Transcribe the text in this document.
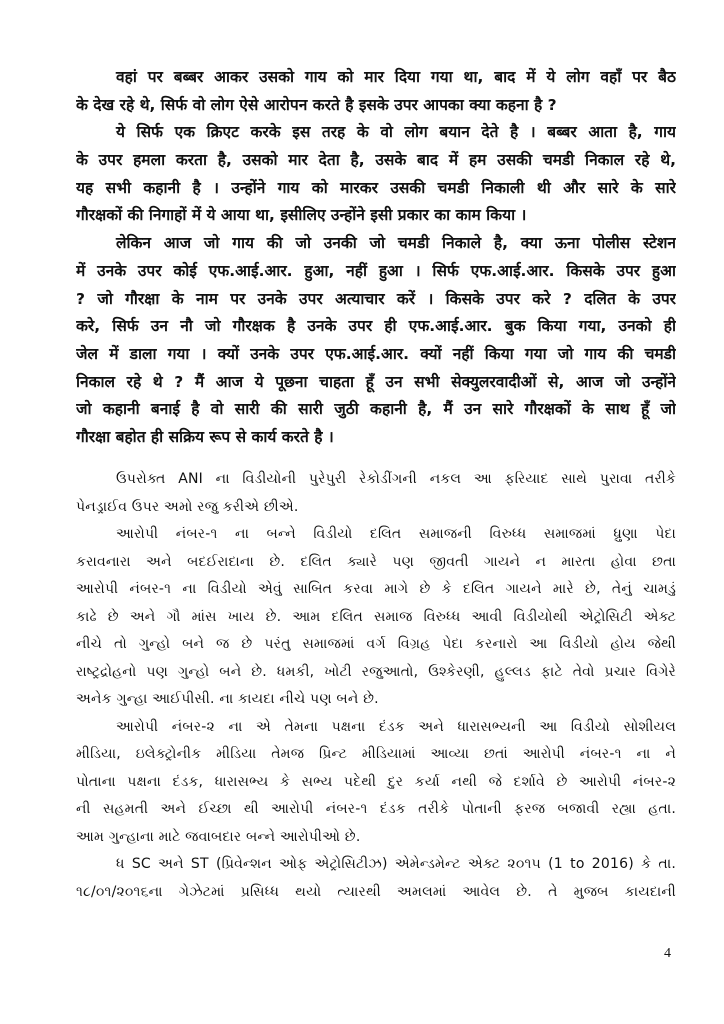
वहां पर बब्बर आकर उसको गाय को मार दिया गया था, बाद में ये लोग वहाँ पर बैठ
के देख रहे थे, सिर्फ वो लोग ऐसे आरोपन करते है इसके उपर आपका क्या कहना है ?
ये सिर्फ एक क्रिएट करके इस तरह के वो लोग बयान देते है । बब्बर आता है, गाय
के उपर हमला करता है, उसको मार देता है, उसके बाद में हम उसकी चमडी निकाल रहे थे,
यह सभी कहानी है । उन्होंने गाय को मारकर उसकी चमडी निकाली थी और सारे के सारे
गौरक्षकों की निगाहों में ये आया था, इसीलिए उन्होंने इसी प्रकार का काम किया ।
लेकिन आज जो गाय की जो उनकी जो चमडी निकाले है, क्या ऊना पोलीस स्टेशन
में उनके उपर कोई एफ.आई.आर. हुआ, नहीं हुआ । सिर्फ एफ.आई.आर. किसके उपर हुआ
? जो गौरक्षा के नाम पर उनके उपर अत्याचार करें । किसके उपर करे ? दलित के उपर
करे, सिर्फ उन नौ जो गौरक्षक है उनके उपर ही एफ.आई.आर. बुक किया गया, उनको ही
जेल में डाला गया । क्यों उनके उपर एफ.आई.आर. क्यों नहीं किया गया जो गाय की चमडी
निकाल रहे थे ? मैं आज ये पूछना चाहता हूँ उन सभी सेक्युलरवादीओं से, आज जो उन्होंने
जो कहानी बनाई है वो सारी की सारी जुठी कहानी है, मैं उन सारे गौरक्षकों के साथ हूँ जो
गौरक्षा बहोत ही सक्रिय रूप से कार्य करते है ।
ઉપરોક્ત ANI ના વિડીયોની પુરેપુરી રેકોડીંગની નકલ આ ફરિયાદ સાથે પુરાવા તરીકે
પેનડ્રાઈવ ઉપર અમો રજુ કરીએ છીએ.
આરોપી નંબર-૧ ના બન્ને વિડીયો દલિત સમાજની વિરુધ્ધ સમાજમાં ધ્રુણા પેદા
કરાવનારા અને બદઈરાદાના છે. દલિત ક્યારે પણ જીવતી ગાયને ન મારતા હોવા છતા
આરોપી નંબર-૧ ના વિડીયો એવું સાબિત કરવા માગે છે કે દલિત ગાયને મારે છે, તેનું ચામડું
કાઢે છે અને ગૌ માંસ ખાય છે. આમ દલિત સમાજ વિરુધ્ધ આવી વિડીયોથી એટ્રોસિટી એક્ટ
નીચે તો ગુન્હો બને જ છે પરંતુ સમાજમાં વર્ગ વિગ્રહ પેદા કરનારો આ વિડીયો હોય જેથી
રાષ્ટ્રદ્રોહનો પણ ગુન્હો બને છે. ધમકી, ખોટી રજુઆતો, ઉશ્કેરણી, હુલ્લડ ફાટે તેવો પ્રચાર વિગેરે
અનેક ગુન્હા આઈપીસી. ના કાયદા નીચે પણ બને છે.
આરોપી નંબર-૨ ના એ તેમના પક્ષના દંડક અને ધારાસભ્યની આ વિડીયો સોશીયલ
મીડિયા, ઇલેક્ટ્રોનીક મીડિયા તેમજ પ્રિન્ટ મીડિયામાં આવ્યા છતાં આરોપી નંબર-૧ ના ને
પોતાના પક્ષના દંડક, ધારાસભ્ય કે સભ્ય પદેથી દુર કર્યા નથી જે દર્શાવે છે આરોપી નંબર-૨
ની સહમતી અને ઈચ્છા થી આરોપી નંબર-૧ દંડક તરીકે પોતાની ફરજ બજાવી રહ્યા હતા.
આમ ગુન્હાના માટે જવાબદાર બન્ને આરોપીઓ છે.
ધ SC અને ST (પ્રિવેન્શન ઓફ એટ્રોસિટીઝ) એમેન્ડમેન્ટ એક્ટ ૨૦૧૫ (1 to 2016) કે તા.
૧૮/૦૧/૨૦૧૬ના ગેઝેટમાં પ્રસિધ્ધ થયો ત્યારથી અમલમાં આવેલ છે. તે મુજબ કાયદાની
4
